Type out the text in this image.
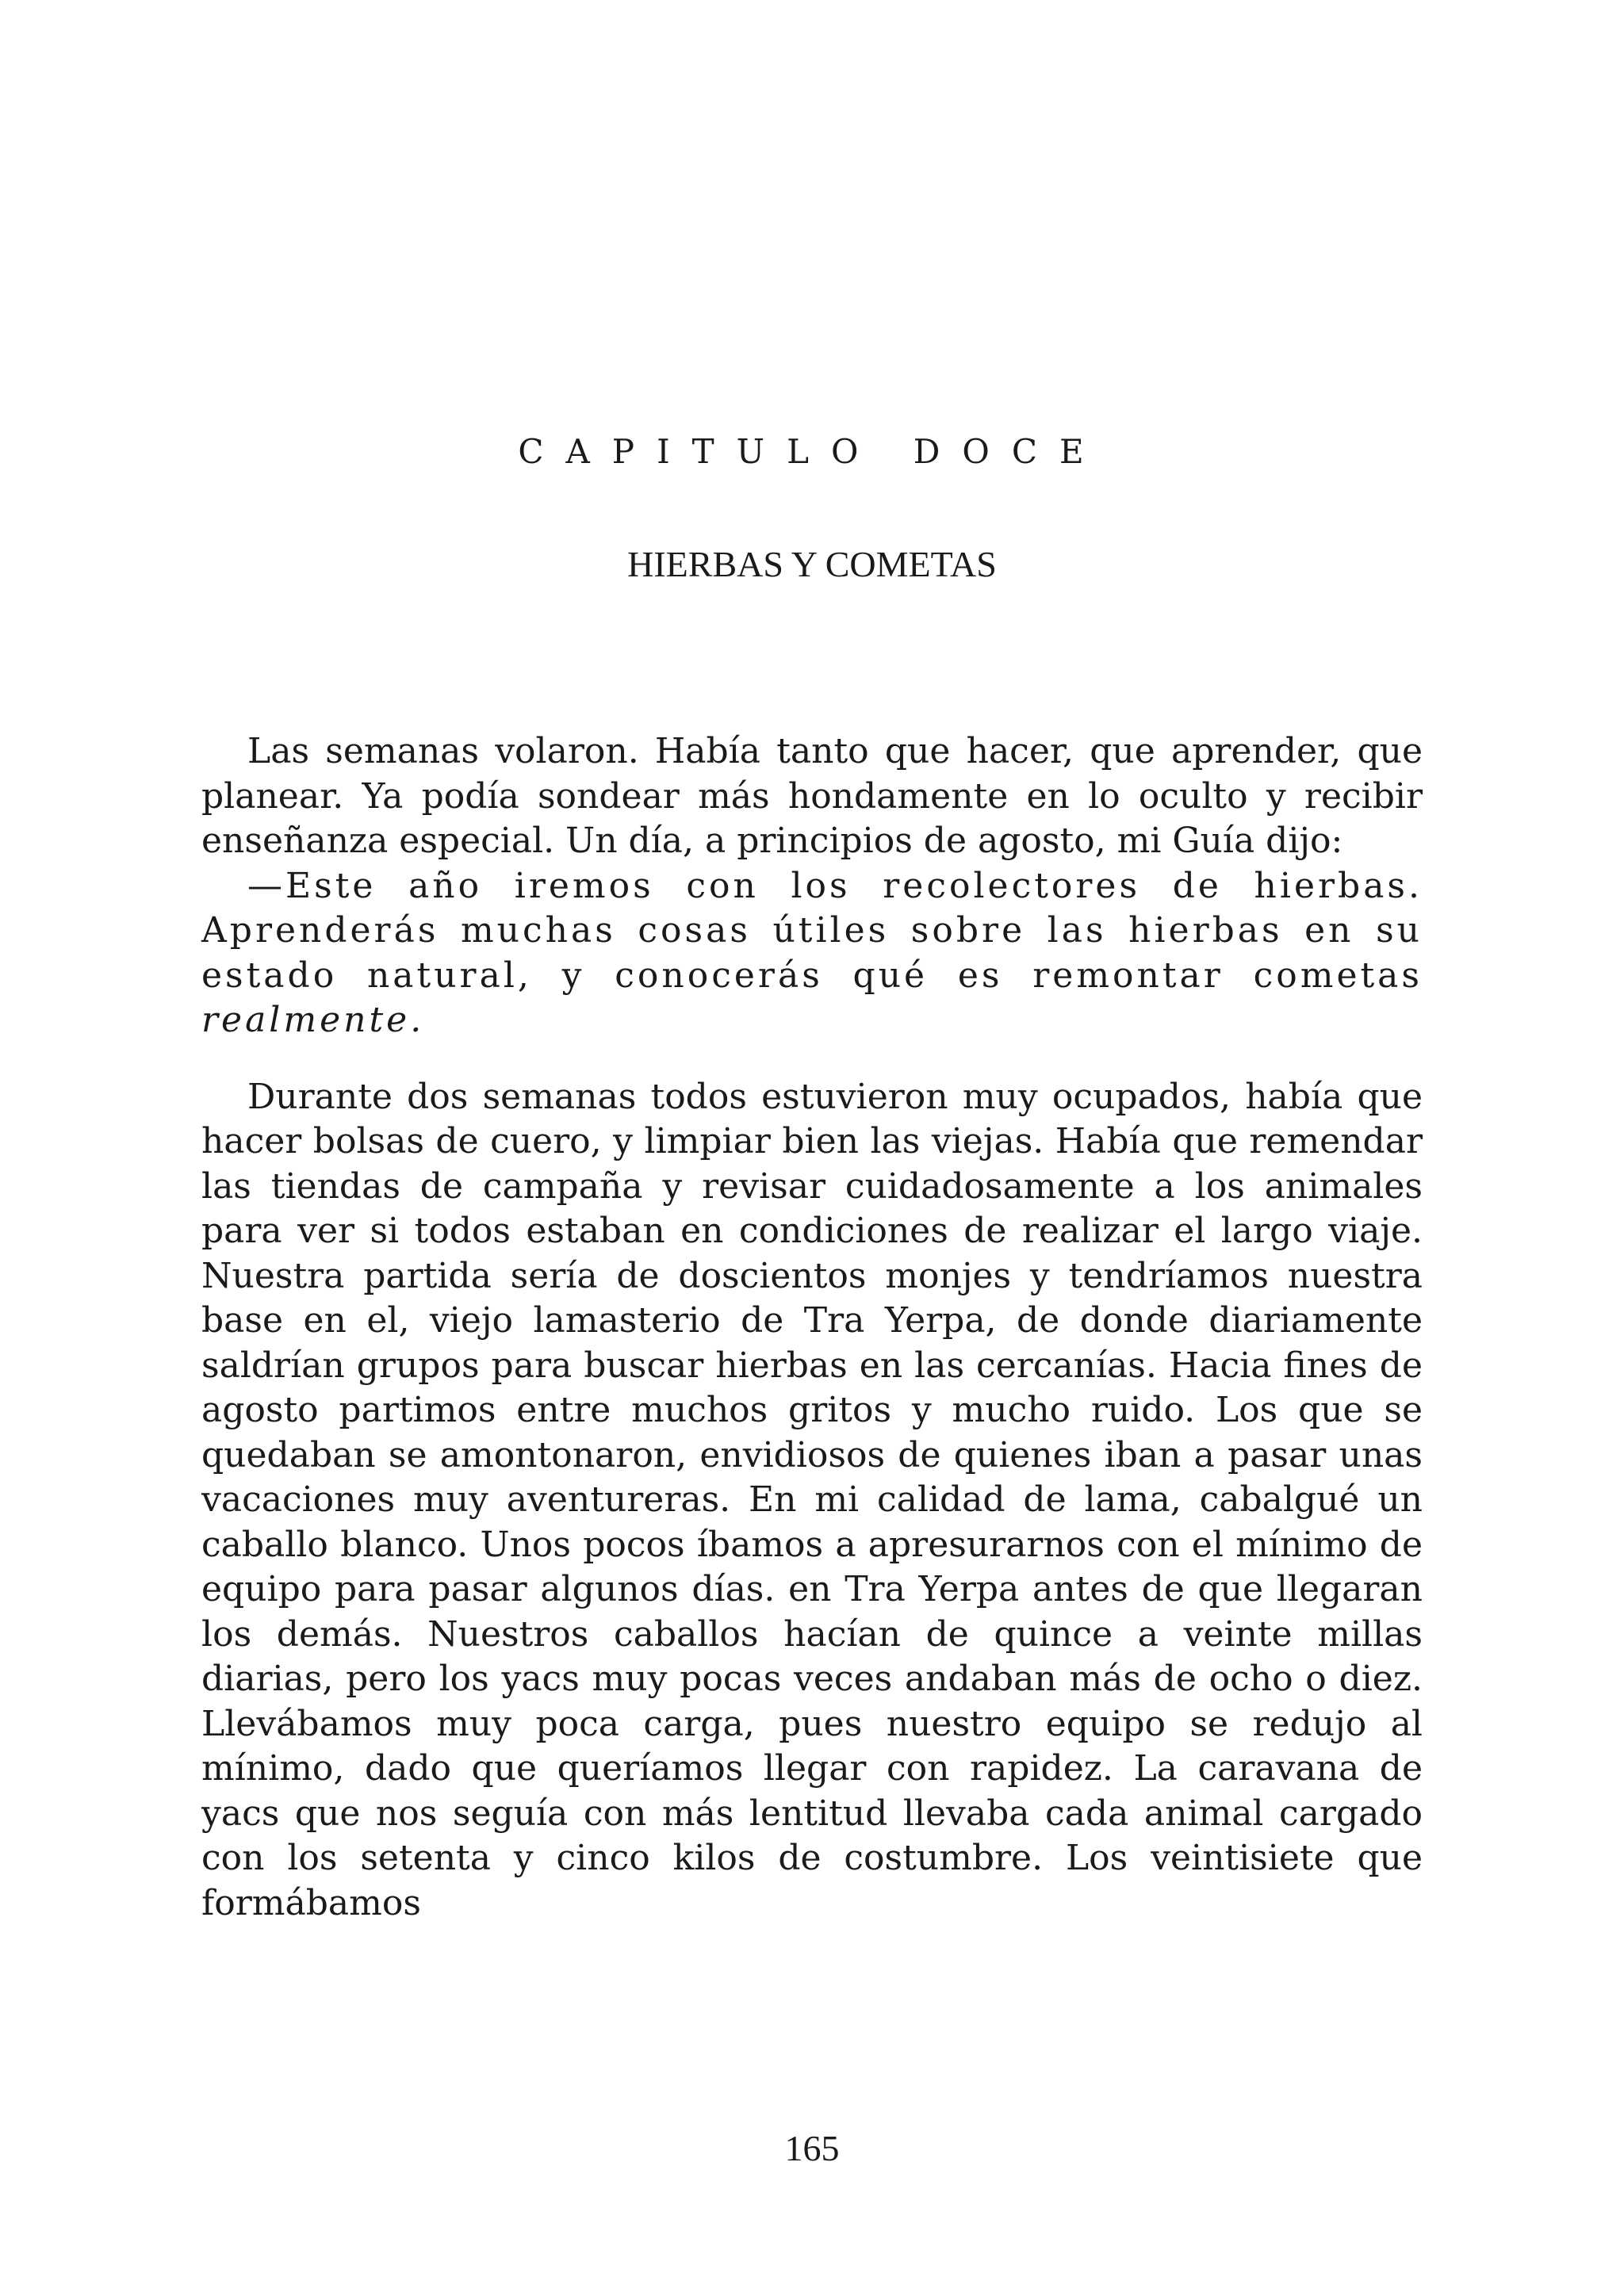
CAPITULO DOCE
HIERBAS Y COMETAS

Las semanas volaron. Había tanto que hacer, que aprender, que planear. Ya podía sondear más hondamente en lo oculto y recibir enseñanza especial. Un día, a principios de agosto, mi Guía dijo:

—Este año iremos con los recolectores de hierbas. Aprenderás muchas cosas útiles sobre las hierbas en su estado natural, y conocerás qué es remontar cometas realmente.

Durante dos semanas todos estuvieron muy ocupados, había que hacer bolsas de cuero, y limpiar bien las viejas. Había que remendar las tiendas de campaña y revisar cuidadosamente a los animales para ver si todos estaban en condiciones de realizar el largo viaje. Nuestra partida sería de doscientos monjes y tendríamos nuestra base en el, viejo lamasterio de Tra Yerpa, de donde diariamente saldrían grupos para buscar hierbas en las cercanías. Hacia fines de agosto partimos entre muchos gritos y mucho ruido. Los que se quedaban se amontonaron, envidiosos de quienes iban a pasar unas vacaciones muy aventureras. En mi calidad de lama, cabalgué un caballo blanco. Unos pocos íbamos a apresurarnos con el mínimo de equipo para pasar algunos días. en Tra Yerpa antes de que llegaran los demás. Nuestros caballos hacían de quince a veinte millas diarias, pero los yacs muy pocas veces andaban más de ocho o diez. Llevábamos muy poca carga, pues nuestro equipo se redujo al mínimo, dado que queríamos llegar con rapidez. La caravana de yacs que nos seguía con más lentitud llevaba cada animal cargado con los setenta y cinco kilos de costumbre. Los veintisiete que formábamos

165
